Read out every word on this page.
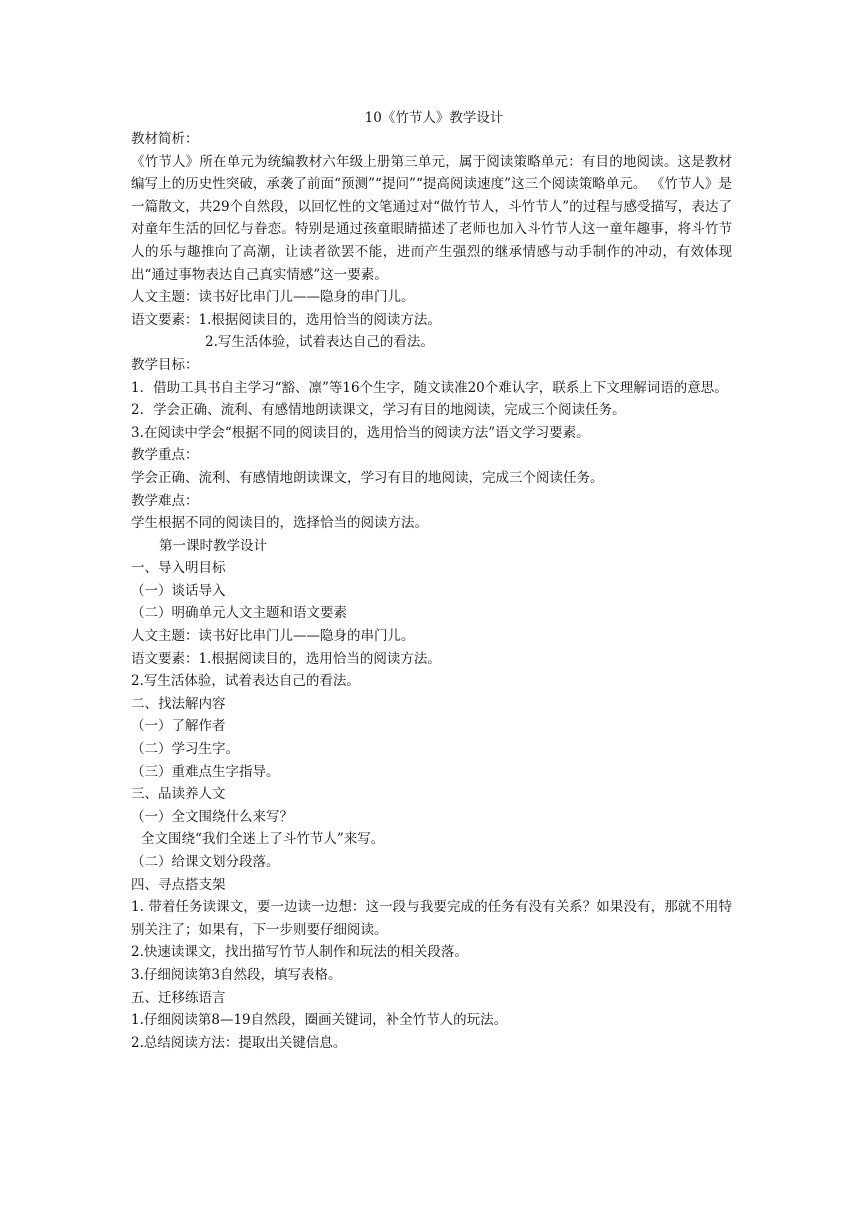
10《竹节人》教学设计
教材简析：
《竹节人》所在单元为统编教材六年级上册第三单元，属于阅读策略单元：有目的地阅读。这是教材编写上的历史性突破，承袭了前面“预测”“提问”“提高阅读速度”这三个阅读策略单元。 《竹节人》是一篇散文，共29个自然段，以回忆性的文笔通过对“做竹节人，斗竹节人”的过程与感受描写，表达了对童年生活的回忆与眷恋。特别是通过孩童眼睛描述了老师也加入斗竹节人这一童年趣事，将斗竹节人的乐与趣推向了高潮，让读者欲罢不能，进而产生强烈的继承情感与动手制作的冲动，有效体现出“通过事物表达自己真实情感”这一要素。
人文主题：读书好比串门儿——隐身的串门儿。
语文要素：1.根据阅读目的，选用恰当的阅读方法。
2.写生活体验，试着表达自己的看法。
教学目标：
1．借助工具书自主学习“豁、凛”等16个生字，随文读准20个难认字，联系上下文理解词语的意思。
2．学会正确、流利、有感情地朗读课文，学习有目的地阅读，完成三个阅读任务。
3.在阅读中学会“根据不同的阅读目的，选用恰当的阅读方法”语文学习要素。
教学重点：
学会正确、流利、有感情地朗读课文，学习有目的地阅读，完成三个阅读任务。
教学难点：
学生根据不同的阅读目的，选择恰当的阅读方法。
第一课时教学设计
一、导入明目标
（一）谈话导入
（二）明确单元人文主题和语文要素
人文主题：读书好比串门儿——隐身的串门儿。
语文要素：1.根据阅读目的，选用恰当的阅读方法。
2.写生活体验，试着表达自己的看法。
二、找法解内容
（一）了解作者
（二）学习生字。
（三）重难点生字指导。
三、品读养人文
（一）全文围绕什么来写？
全文围绕“我们全迷上了斗竹节人”来写。
（二）给课文划分段落。
四、寻点搭支架
1. 带着任务读课文，要一边读一边想：这一段与我要完成的任务有没有关系？如果没有，那就不用特别关注了；如果有，下一步则要仔细阅读。
2.快速读课文，找出描写竹节人制作和玩法的相关段落。
3.仔细阅读第3自然段，填写表格。
五、迁移练语言
1.仔细阅读第8—19自然段，圈画关键词，补全竹节人的玩法。
2.总结阅读方法：提取出关键信息。
